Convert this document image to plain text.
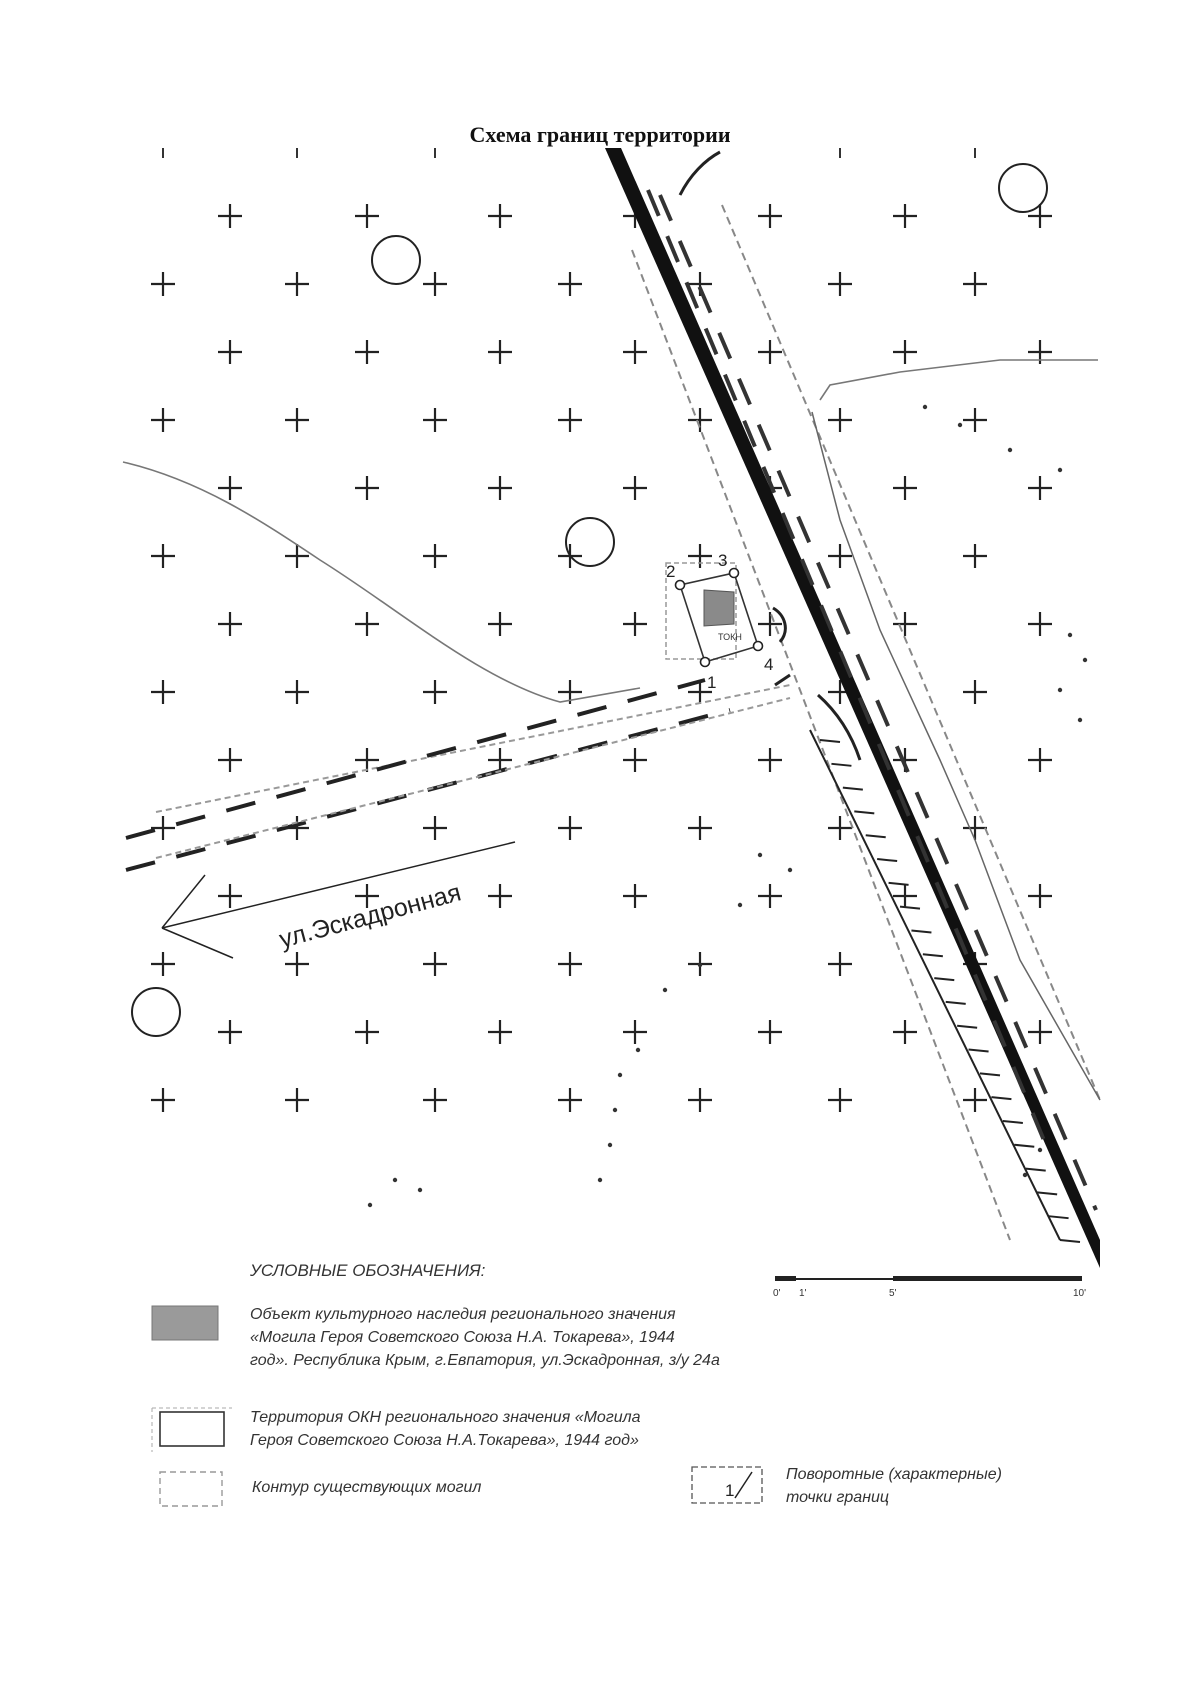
Схема границ территории
ул.Эскадронная
ТОКН
1
2
3
4
0' 1'	5'	10'
1
УСЛОВНЫЕ ОБОЗНАЧЕНИЯ:
Объект культурного наследия регионального значения
«Могила Героя Советского Союза Н.А. Токарева», 1944
год». Республика Крым, г.Евпатория, ул.Эскадронная, з/у 24а
Территория ОКН регионального значения «Могила
Героя Советского Союза Н.А.Токарева», 1944 год»
Контур существующих могил
Поворотные (характерные)
точки границ
